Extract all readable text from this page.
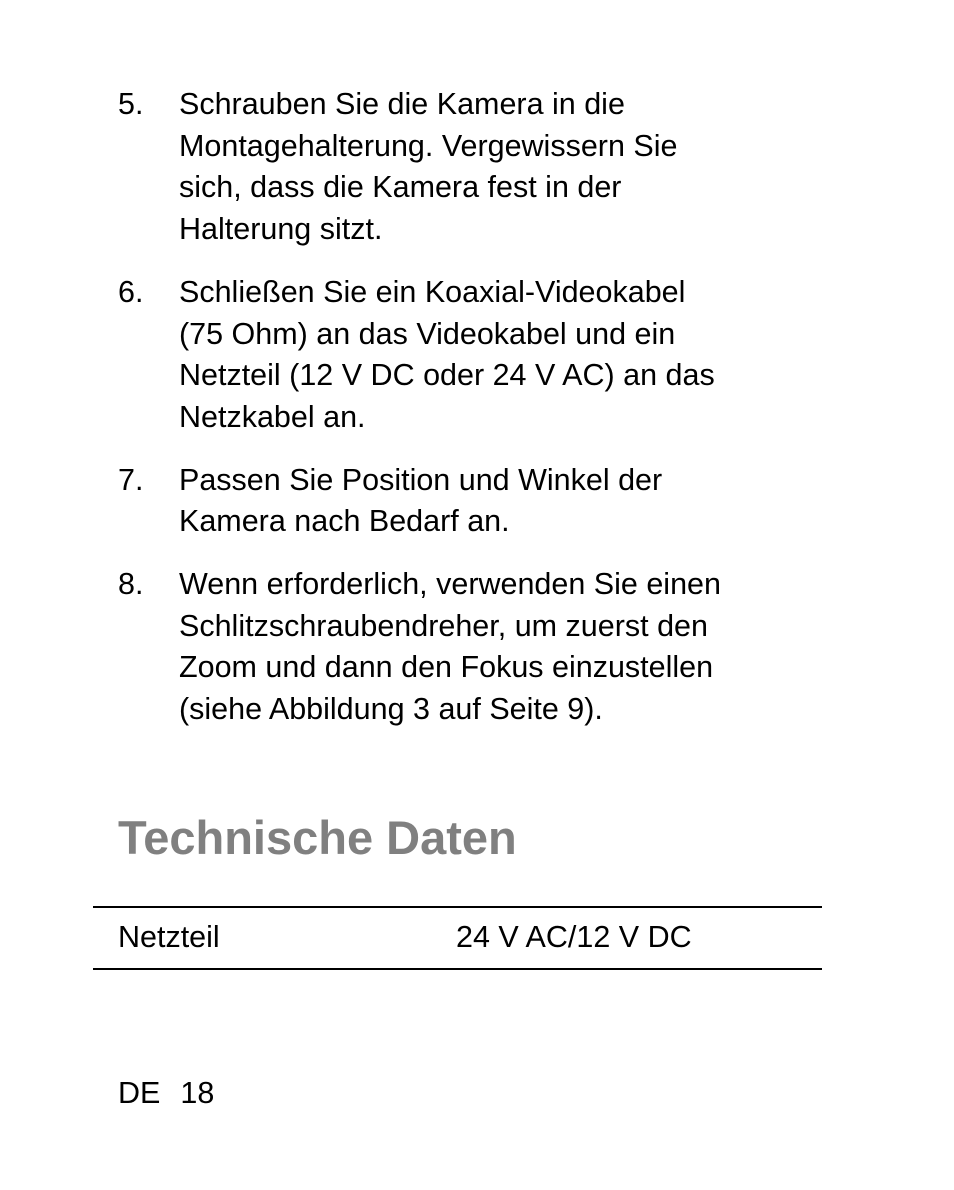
5.	Schrauben Sie die Kamera in die
Montagehalterung. Vergewissern Sie
sich, dass die Kamera fest in der
Halterung sitzt.
6.	Schließen Sie ein Koaxial-Videokabel
(75 Ohm) an das Videokabel und ein
Netzteil (12 V DC oder 24 V AC) an das
Netzkabel an.
7.	Passen Sie Position und Winkel der
Kamera nach Bedarf an.
8.	Wenn erforderlich, verwenden Sie einen
Schlitzschraubendreher, um zuerst den
Zoom und dann den Fokus einzustellen
(siehe Abbildung 3 auf Seite 9).
Technische Daten
Netzteil	24 V AC/12 V DC
DE 18
